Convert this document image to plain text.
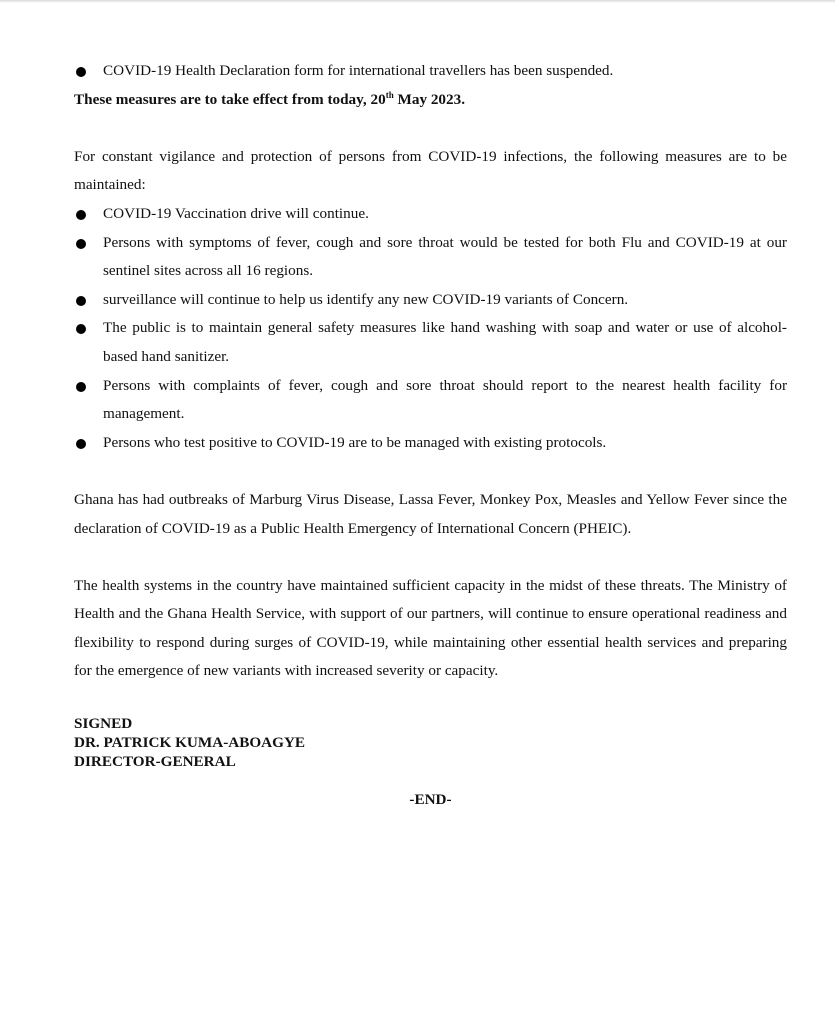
COVID-19 Health Declaration form for international travellers has been suspended.

These measures are to take effect from today, 20th May 2023.

For constant vigilance and protection of persons from COVID-19 infections, the following measures are to be maintained:

COVID-19 Vaccination drive will continue.
Persons with symptoms of fever, cough and sore throat would be tested for both Flu and COVID-19 at our sentinel sites across all 16 regions.
surveillance will continue to help us identify any new COVID-19 variants of Concern.
The public is to maintain general safety measures like hand washing with soap and water or use of alcohol-based hand sanitizer.
Persons with complaints of fever, cough and sore throat should report to the nearest health facility for management.
Persons who test positive to COVID-19 are to be managed with existing protocols.

Ghana has had outbreaks of Marburg Virus Disease, Lassa Fever, Monkey Pox, Measles and Yellow Fever since the declaration of COVID-19 as a Public Health Emergency of International Concern (PHEIC).

The health systems in the country have maintained sufficient capacity in the midst of these threats. The Ministry of Health and the Ghana Health Service, with support of our partners, will continue to ensure operational readiness and flexibility to respond during surges of COVID-19, while maintaining other essential health services and preparing for the emergence of new variants with increased severity or capacity.

SIGNED
DR. PATRICK KUMA-ABOAGYE
DIRECTOR-GENERAL
-END-
